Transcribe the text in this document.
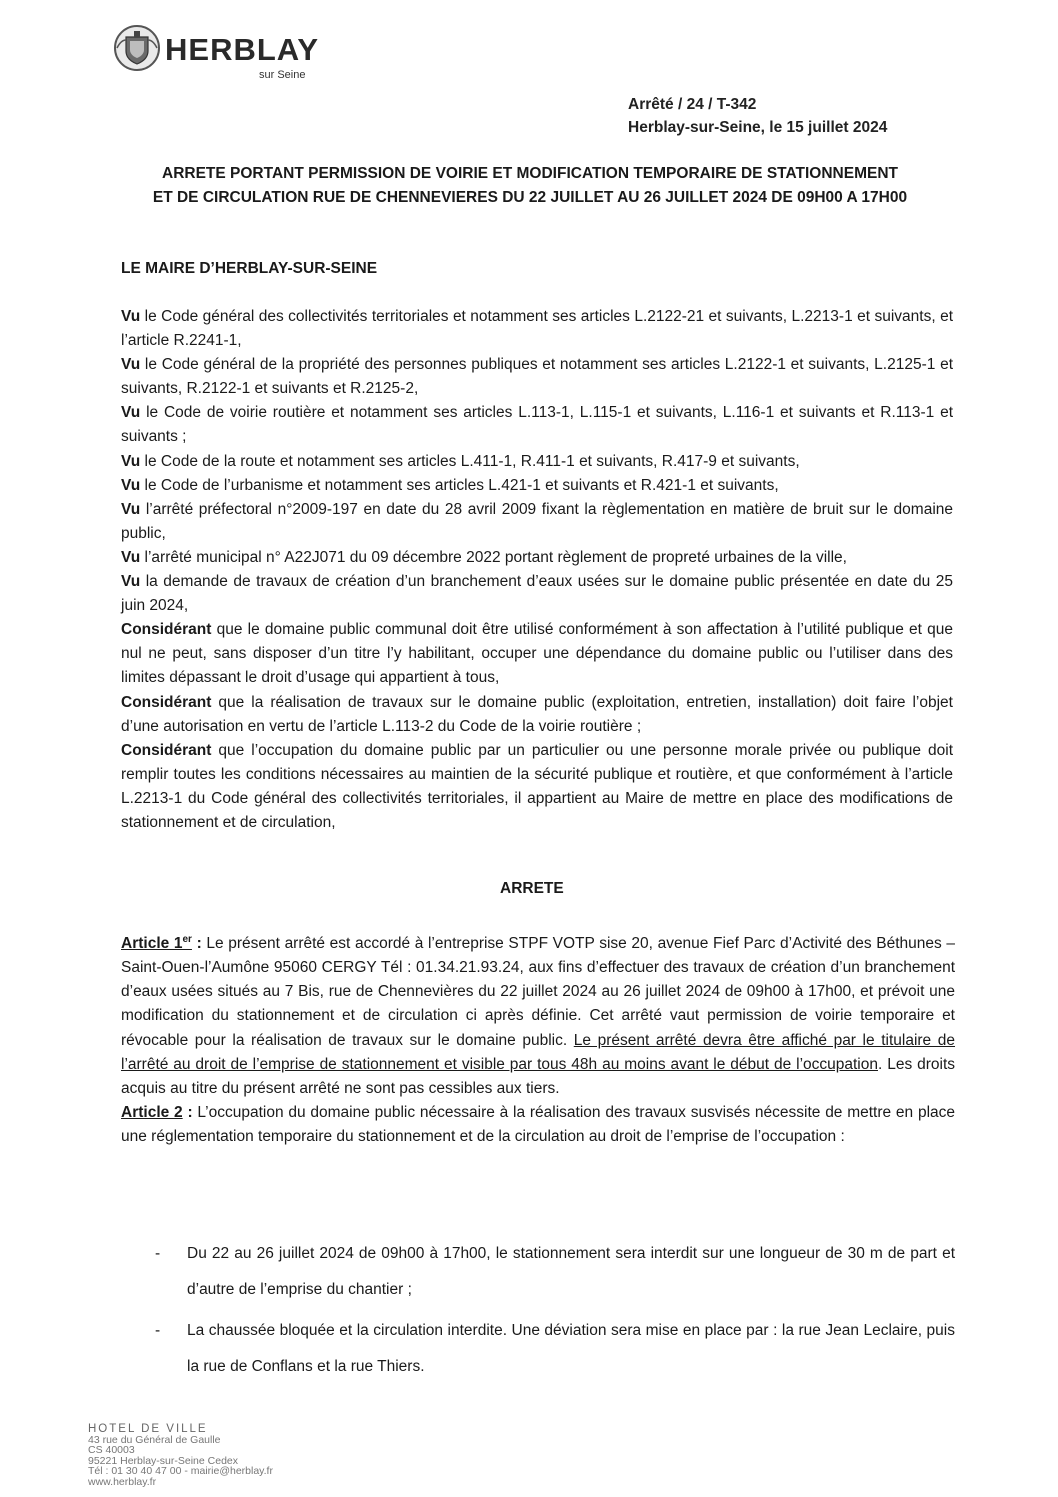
HERBLAY
sur Seine
Arrêté / 24 / T-342
Herblay-sur-Seine, le 15 juillet 2024
ARRETE PORTANT PERMISSION DE VOIRIE ET MODIFICATION TEMPORAIRE DE STATIONNEMENT
ET DE CIRCULATION RUE DE CHENNEVIERES DU 22 JUILLET AU 26 JUILLET 2024 DE 09H00 A 17H00
LE MAIRE D’HERBLAY-SUR-SEINE

Vu le Code général des collectivités territoriales et notamment ses articles L.2122-21 et suivants, L.2213-1 et suivants, et l’article R.2241-1,

Vu le Code général de la propriété des personnes publiques et notamment ses articles L.2122-1 et suivants, L.2125-1 et suivants, R.2122-1 et suivants et R.2125-2,

Vu le Code de voirie routière et notamment ses articles L.113-1, L.115-1 et suivants, L.116-1 et suivants et R.113-1 et suivants ;

Vu le Code de la route et notamment ses articles L.411-1, R.411-1 et suivants, R.417-9 et suivants,

Vu le Code de l’urbanisme et notamment ses articles L.421-1 et suivants et R.421-1 et suivants,

Vu l’arrêté préfectoral n°2009-197 en date du 28 avril 2009 fixant la règlementation en matière de bruit sur le domaine public,

Vu l’arrêté municipal n° A22J071 du 09 décembre 2022 portant règlement de propreté urbaines de la ville,

Vu la demande de travaux de création d’un branchement d’eaux usées sur le domaine public présentée en date du 25 juin 2024,

Considérant que le domaine public communal doit être utilisé conformément à son affectation à l’utilité publique et que nul ne peut, sans disposer d’un titre l’y habilitant, occuper une dépendance du domaine public ou l’utiliser dans des limites dépassant le droit d’usage qui appartient à tous,

Considérant que la réalisation de travaux sur le domaine public (exploitation, entretien, installation) doit faire l’objet d’une autorisation en vertu de l’article L.113-2 du Code de la voirie routière ;

Considérant que l’occupation du domaine public par un particulier ou une personne morale privée ou publique doit remplir toutes les conditions nécessaires au maintien de la sécurité publique et routière, et que conformément à l’article L.2213-1 du Code général des collectivités territoriales, il appartient au Maire de mettre en place des modifications de stationnement et de circulation,

ARRETE

Article 1er : Le présent arrêté est accordé à l’entreprise STPF VOTP sise 20, avenue Fief Parc d’Activité des Béthunes – Saint-Ouen-l’Aumône 95060 CERGY Tél : 01.34.21.93.24, aux fins d’effectuer des travaux de création d’un branchement d’eaux usées situés au 7 Bis, rue de Chennevières du 22 juillet 2024 au 26 juillet 2024 de 09h00 à 17h00, et prévoit une modification du stationnement et de circulation ci après définie. Cet arrêté vaut permission de voirie temporaire et révocable pour la réalisation de travaux sur le domaine public. Le présent arrêté devra être affiché par le titulaire de l’arrêté au droit de l’emprise de stationnement et visible par tous 48h au moins avant le début de l’occupation. Les droits acquis au titre du présent arrêté ne sont pas cessibles aux tiers.

Article 2 : L’occupation du domaine public nécessaire à la réalisation des travaux susvisés nécessite de mettre en place une réglementation temporaire du stationnement et de la circulation au droit de l’emprise de l’occupation :

- Du 22 au 26 juillet 2024 de 09h00 à 17h00, le stationnement sera interdit sur une longueur de 30 m de part et d’autre de l’emprise du chantier ;
- La chaussée bloquée et la circulation interdite. Une déviation sera mise en place par : la rue Jean Leclaire, puis la rue de Conflans et la rue Thiers.
HOTEL DE VILLE
43 rue du Général de Gaulle
CS 40003
95221 Herblay-sur-Seine Cedex
Tél : 01 30 40 47 00 - mairie@herblay.fr
www.herblay.fr
